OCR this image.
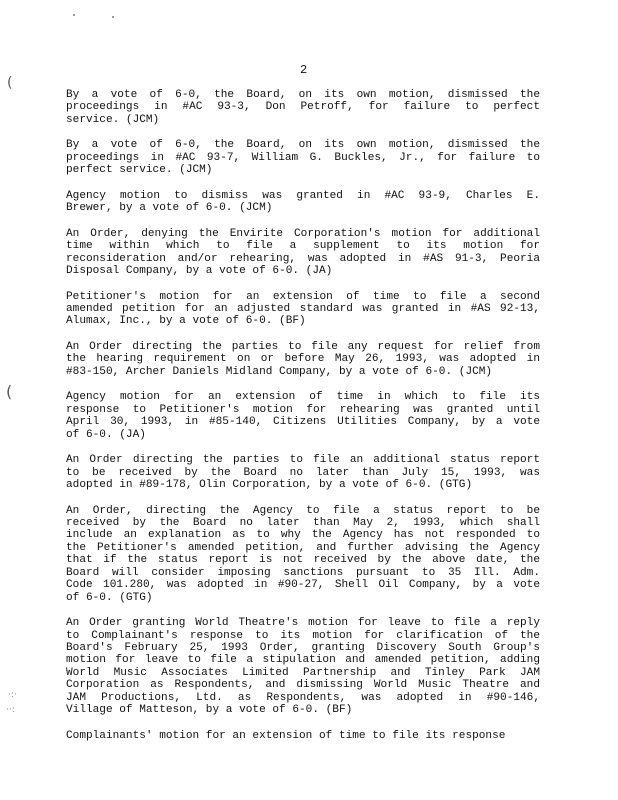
(
(
·:·
··:
2
By a vote of 6-0, the Board, on its own motion, dismissed the
proceedings in #AC 93-3, Don Petroff, for failure to perfect
service. (JCM)
By a vote of 6-0, the Board, on its own motion, dismissed the
proceedings in #AC 93-7, William G. Buckles, Jr., for failure to
perfect service. (JCM)
Agency motion to dismiss was granted in #AC 93-9, Charles E.
Brewer, by a vote of 6-0. (JCM)
An Order, denying the Envirite Corporation's motion for additional
time within which to file a supplement to its motion for
reconsideration and/or rehearing, was adopted in #AS 91-3, Peoria
Disposal Company, by a vote of 6-0. (JA)
Petitioner's motion for an extension of time to file a second
amended petition for an adjusted standard was granted in #AS 92-13,
Alumax, Inc., by a vote of 6-0. (BF)
An Order directing the parties to file any request for relief from
the hearing requirement on or before May 26, 1993, was adopted in
#83-150, Archer Daniels Midland Company, by a vote of 6-0. (JCM)
Agency motion for an extension of time in which to file its
response to Petitioner's motion for rehearing was granted until
April 30, 1993, in #85-140, Citizens Utilities Company, by a vote
of 6-0. (JA)
An Order directing the parties to file an additional status report
to be received by the Board no later than July 15, 1993, was
adopted in #89-178, Olin Corporation, by a vote of 6-0. (GTG)
An Order, directing the Agency to file a status report to be
received by the Board no later than May 2, 1993, which shall
include an explanation as to why the Agency has not responded to
the Petitioner's amended petition, and further advising the Agency
that if the status report is not received by the above date, the
Board will consider imposing sanctions pursuant to 35 Ill. Adm.
Code 101.280, was adopted in #90-27, Shell Oil Company, by a vote
of 6-0. (GTG)
An Order granting World Theatre's motion for leave to file a reply
to Complainant's response to its motion for clarification of the
Board's February 25, 1993 Order, granting Discovery South Group's
motion for leave to file a stipulation and amended petition, adding
World Music Associates Limited Partnership and Tinley Park JAM
Corporation as Respondents, and dismissing World Music Theatre and
JAM Productions, Ltd. as Respondents, was adopted in #90-146,
Village of Matteson, by a vote of 6-0. (BF)
Complainants' motion for an extension of time to file its response
